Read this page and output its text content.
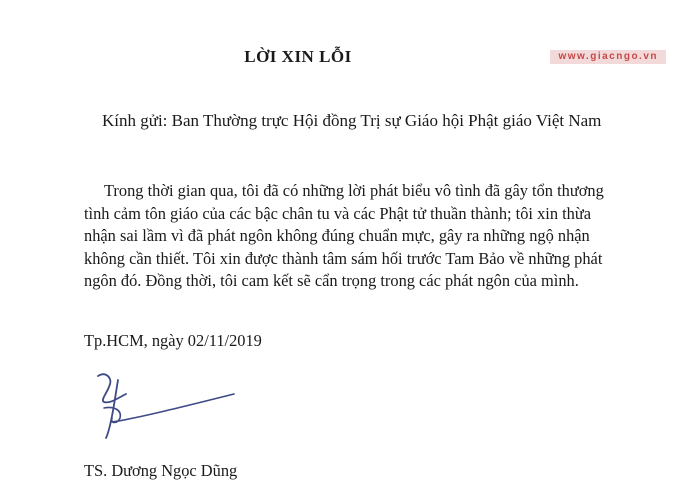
www.giacngo.vn
LỜI XIN LỖI
Kính gửi: Ban Thường trực Hội đồng Trị sự Giáo hội Phật giáo Việt Nam
Trong thời gian qua, tôi đã có những lời phát biểu vô tình đã gây tổn thương
tình cảm tôn giáo của các bậc chân tu và các Phật tử thuần thành; tôi xin thừa
nhận sai lầm vì đã phát ngôn không đúng chuẩn mực, gây ra những ngộ nhận
không cần thiết. Tôi xin được thành tâm sám hối trước Tam Bảo về những phát
ngôn đó. Đồng thời, tôi cam kết sẽ cẩn trọng trong các phát ngôn của mình.
Tp.HCM, ngày 02/11/2019
TS. Dương Ngọc Dũng
